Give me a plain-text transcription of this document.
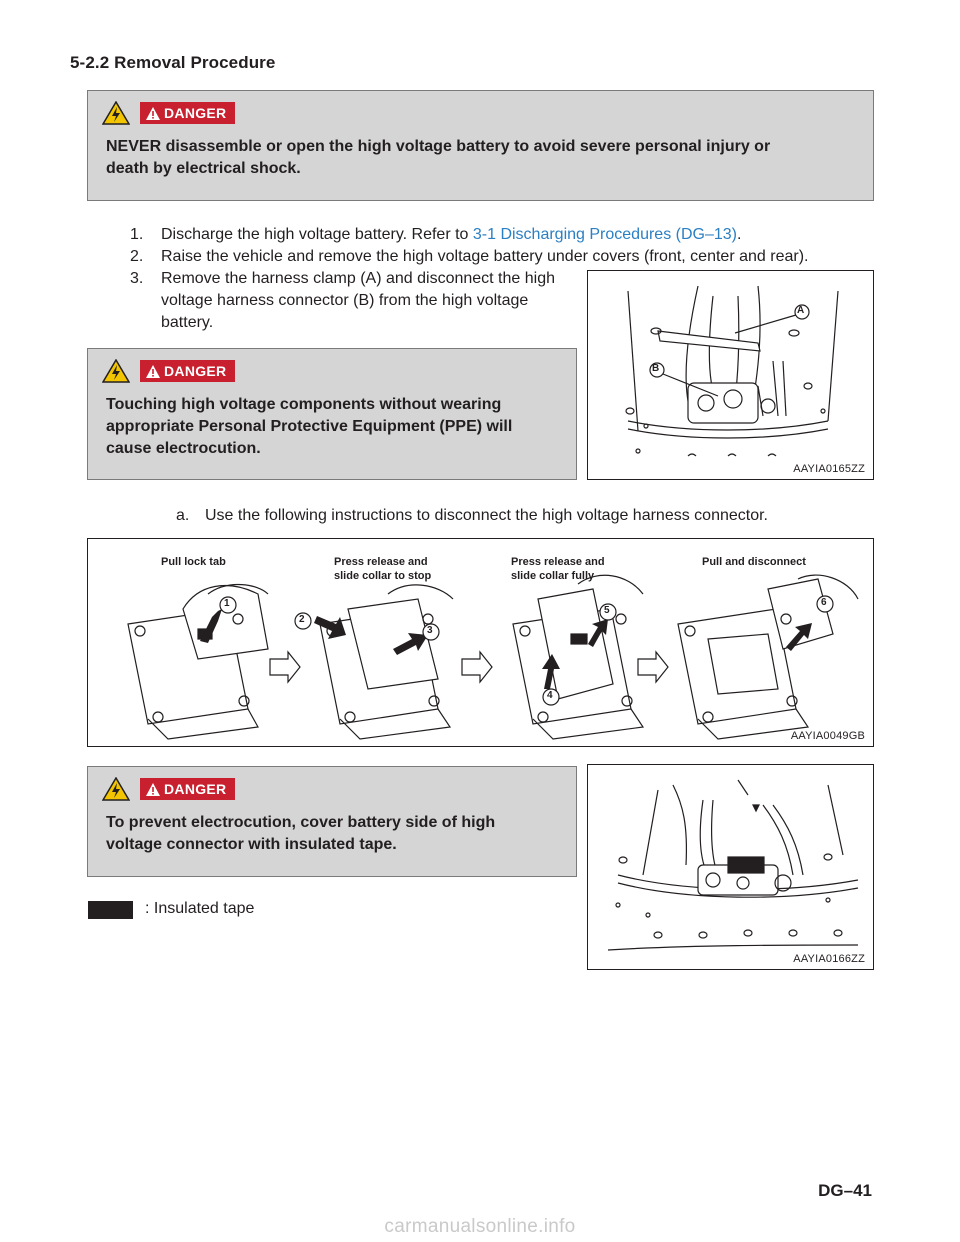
5-2.2 Removal Procedure
DANGER
NEVER disassemble or open the high voltage battery to avoid severe personal injury or
death by electrical shock.
1. Discharge the high voltage battery. Refer to 3-1 Discharging Procedures (DG–13).
2. Raise the vehicle and remove the high voltage battery under covers (front, center and rear).
3. Remove the harness clamp (A) and disconnect the high
voltage harness connector (B) from the high voltage
battery.
DANGER
Touching high voltage components without wearing
appropriate Personal Protective Equipment (PPE) will
cause electrocution.
A
B
AAYIA0165ZZ
a. Use the following instructions to disconnect the high voltage harness connector.
Pull lock tab	Press release and
slide collar to stop
Press release and
slide collar fully
Pull and disconnect
1
2
3
4
5
6
AAYIA0049GB
DANGER
To prevent electrocution, cover battery side of high
voltage connector with insulated tape.
: Insulated tape
AAYIA0166ZZ
DG–41
carmanualsonline.info
